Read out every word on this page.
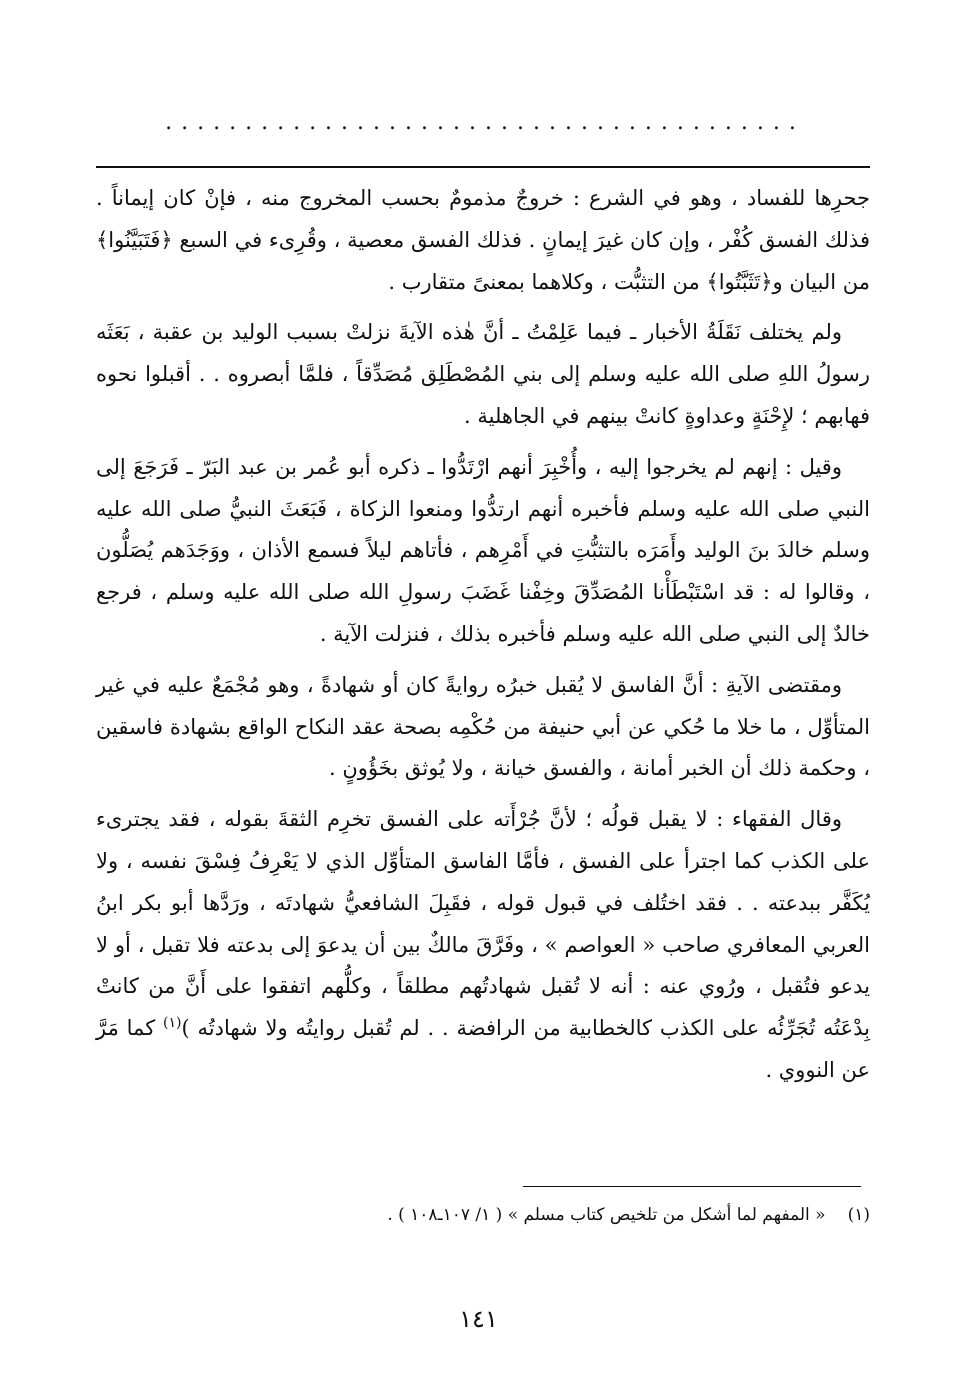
........................................

جحرِها للفساد ، وهو في الشرع : خروجٌ مذمومٌ بحسب المخروج منه ، فإنْ كان إيماناً . فذلك الفسق كُفْر ، وإن كان غيرَ إيمانٍ . فذلك الفسق معصية ، وقُرِىء في السبع ﴿فَتَبَيَّنُوا﴾ من البيان و﴿تَثَبَّتُوا﴾ من التثبُّت ، وكلاهما بمعنىً متقارب .

ولم يختلف نَقَلَةُ الأخبار ـ فيما عَلِمْتُ ـ أنَّ هٰذه الآيةَ نزلتْ بسبب الوليد بن عقبة ، بَعَثَه رسولُ اللهِ صلى الله عليه وسلم إلى بني المُصْطَلِق مُصَدِّقاً ، فلمَّا أبصروه . . أقبلوا نحوه فهابهم ؛ لإِحْنَةٍ وعداوةٍ كانتْ بينهم في الجاهلية .

وقيل : إنهم لم يخرجوا إليه ، وأُخْبِرَ أنهم ارْتَدُّوا ـ ذكره أبو عُمر بن عبد البَرّ ـ فَرَجَعَ إلى النبي صلى الله عليه وسلم فأخبره أنهم ارتدُّوا ومنعوا الزكاة ، فَبَعَثَ النبيُّ صلى الله عليه وسلم خالدَ بنَ الوليد وأَمَرَه بالتثبُّتِ في أَمْرِهم ، فأتاهم ليلاً فسمع الأذان ، ووَجَدَهم يُصَلُّون ، وقالوا له : قد اسْتَبْطَأْنا المُصَدِّقَ وخِفْنا غَضَبَ رسولِ الله صلى الله عليه وسلم ، فرجع خالدٌ إلى النبي صلى الله عليه وسلم فأخبره بذلك ، فنزلت الآية .

ومقتضى الآيةِ : أنَّ الفاسق لا يُقبل خبرُه روايةً كان أو شهادةً ، وهو مُجْمَعٌ عليه في غير المتأوِّل ، ما خلا ما حُكي عن أبي حنيفة من حُكْمِه بصحة عقد النكاح الواقع بشهادة فاسقين ، وحكمة ذلك أن الخبر أمانة ، والفسق خيانة ، ولا يُوثق بخَؤُونٍ .

وقال الفقهاء : لا يقبل قولُه ؛ لأنَّ جُرْأَته على الفسق تخرِم الثقةَ بقوله ، فقد يجترىء على الكذب كما اجترأ على الفسق ، فأمَّا الفاسق المتأوِّل الذي لا يَعْرِفُ فِسْقَ نفسه ، ولا يُكَفَّر ببدعته . . فقد اختُلف في قبول قوله ، فقَبِلَ الشافعيُّ شهادتَه ، ورَدَّها أبو بكر ابنُ العربي المعافري صاحب « العواصم » ، وفَرَّقَ مالكٌ بين أن يدعوَ إلى بدعته فلا تقبل ، أو لا يدعو فتُقبل ، ورُوي عنه : أنه لا تُقبل شهادتُهم مطلقاً ، وكلُّهم اتفقوا على أَنَّ من كانتْ بِدْعَتُه تُجَرِّئُه على الكذب كالخطابية من الرافضة . . لم تُقبل روايتُه ولا شهادتُه )$^{(١)}$ كما مَرَّ عن النووي .

(١)« المفهم لما أشكل من تلخيص كتاب مسلم » ( ١/ ١٠٧ـ١٠٨ ) .
١٤١
